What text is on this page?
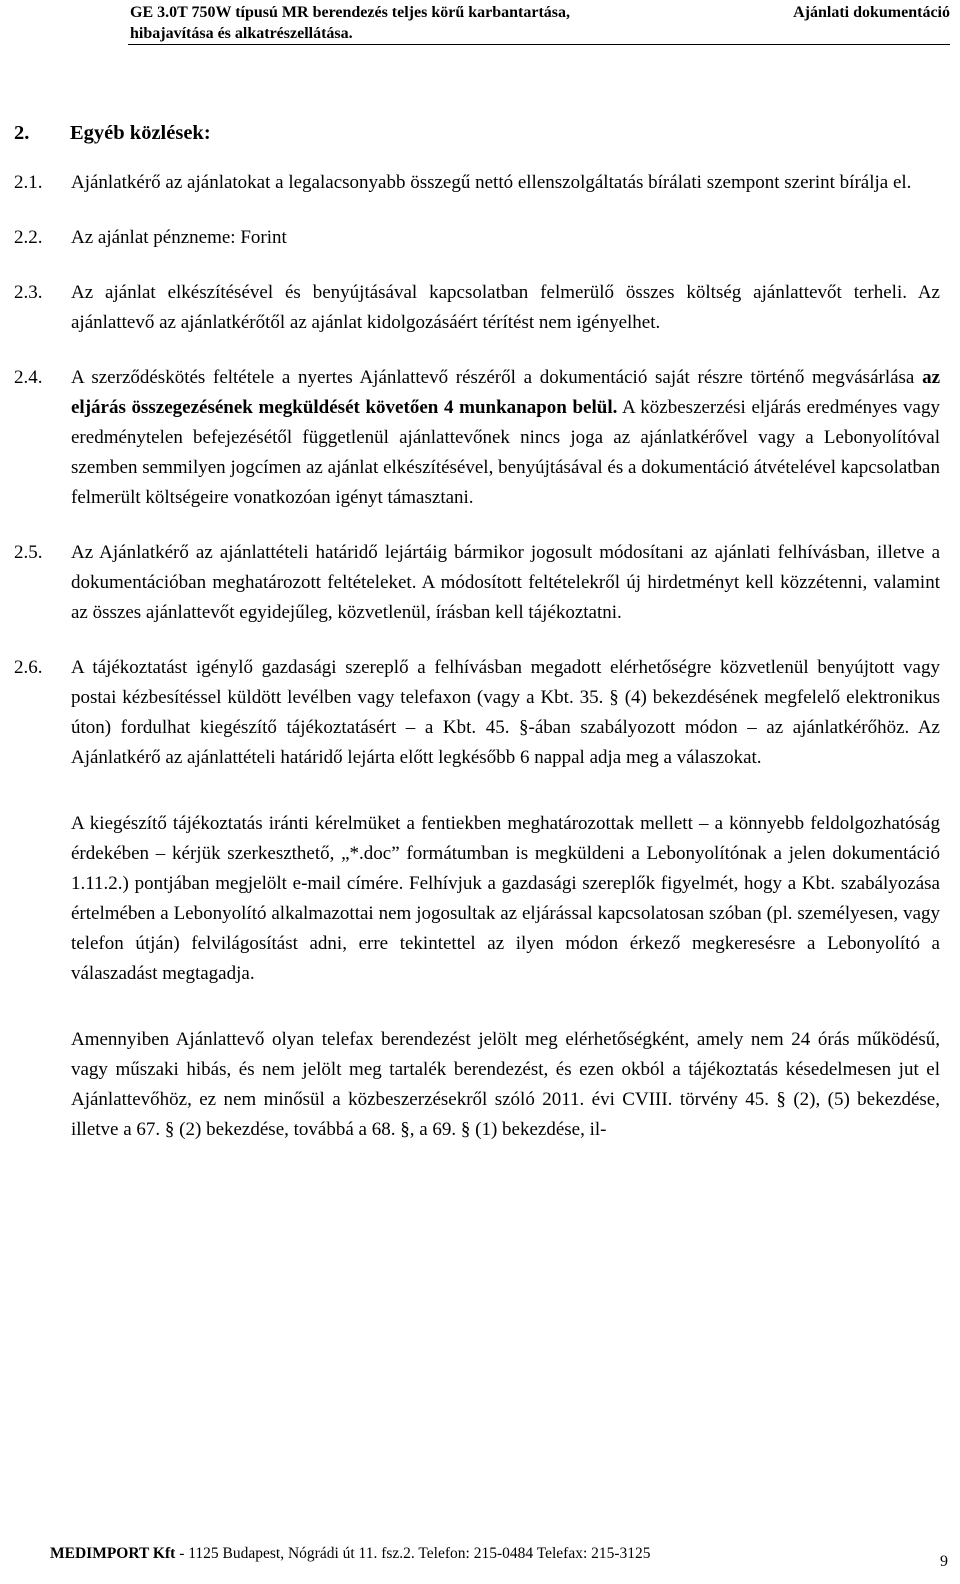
GE 3.0T 750W típusú MR berendezés teljes körű karbantartása,
hibajavítása és alkatrészellátása.
Ajánlati dokumentáció
2. Egyéb közlések:
2.1. Ajánlatkérő az ajánlatokat a legalacsonyabb összegű nettó ellenszolgáltatás bírálati szempont szerint bírálja el.
2.2. Az ajánlat pénzneme: Forint
2.3. Az ajánlat elkészítésével és benyújtásával kapcsolatban felmerülő összes költség ajánlattevőt terheli. Az ajánlattevő az ajánlatkérőtől az ajánlat kidolgozásáért térítést nem igényelhet.
2.4. A szerződéskötés feltétele a nyertes Ajánlattevő részéről a dokumentáció saját részre történő megvásárlása az eljárás összegezésének megküldését követően 4 munkanapon belül. A közbeszerzési eljárás eredményes vagy eredménytelen befejezésétől függetlenül ajánlattevőnek nincs joga az ajánlatkérővel vagy a Lebonyolítóval szemben semmilyen jogcímen az ajánlat elkészítésével, benyújtásával és a dokumentáció átvételével kapcsolatban felmerült költségeire vonatkozóan igényt támasztani.
2.5. Az Ajánlatkérő az ajánlattételi határidő lejártáig bármikor jogosult módosítani az ajánlati felhívásban, illetve a dokumentációban meghatározott feltételeket. A módosított feltételekről új hirdetményt kell közzétenni, valamint az összes ajánlattevőt egyidejűleg, közvetlenül, írásban kell tájékoztatni.
2.6. A tájékoztatást igénylő gazdasági szereplő a felhívásban megadott elérhetőségre közvetlenül benyújtott vagy postai kézbesítéssel küldött levélben vagy telefaxon (vagy a Kbt. 35. § (4) bekezdésének megfelelő elektronikus úton) fordulhat kiegészítő tájékoztatásért – a Kbt. 45. §-ában szabályozott módon – az ajánlatkérőhöz. Az Ajánlatkérő az ajánlattételi határidő lejárta előtt legkésőbb 6 nappal adja meg a válaszokat.
A kiegészítő tájékoztatás iránti kérelmüket a fentiekben meghatározottak mellett – a könnyebb feldolgozhatóság érdekében – kérjük szerkeszthető, „*.doc” formátumban is megküldeni a Lebonyolítónak a jelen dokumentáció 1.11.2.) pontjában megjelölt e-mail címére. Felhívjuk a gazdasági szereplők figyelmét, hogy a Kbt. szabályozása értelmében a Lebonyolító alkalmazottai nem jogosultak az eljárással kapcsolatosan szóban (pl. személyesen, vagy telefon útján) felvilágosítást adni, erre tekintettel az ilyen módon érkező megkeresésre a Lebonyolító a válaszadást megtagadja.
Amennyiben Ajánlattevő olyan telefax berendezést jelölt meg elérhetőségként, amely nem 24 órás működésű, vagy műszaki hibás, és nem jelölt meg tartalék berendezést, és ezen okból a tájékoztatás késedelmesen jut el Ajánlattevőhöz, ez nem minősül a közbeszerzésekről szóló 2011. évi CVIII. törvény 45. § (2), (5) bekezdése, illetve a 67. § (2) bekezdése, továbbá a 68. §, a 69. § (1) bekezdése, il-
MEDIMPORT Kft - 1125 Budapest, Nógrádi út 11. fsz.2. Telefon: 215-0484 Telefax: 215-3125	9
